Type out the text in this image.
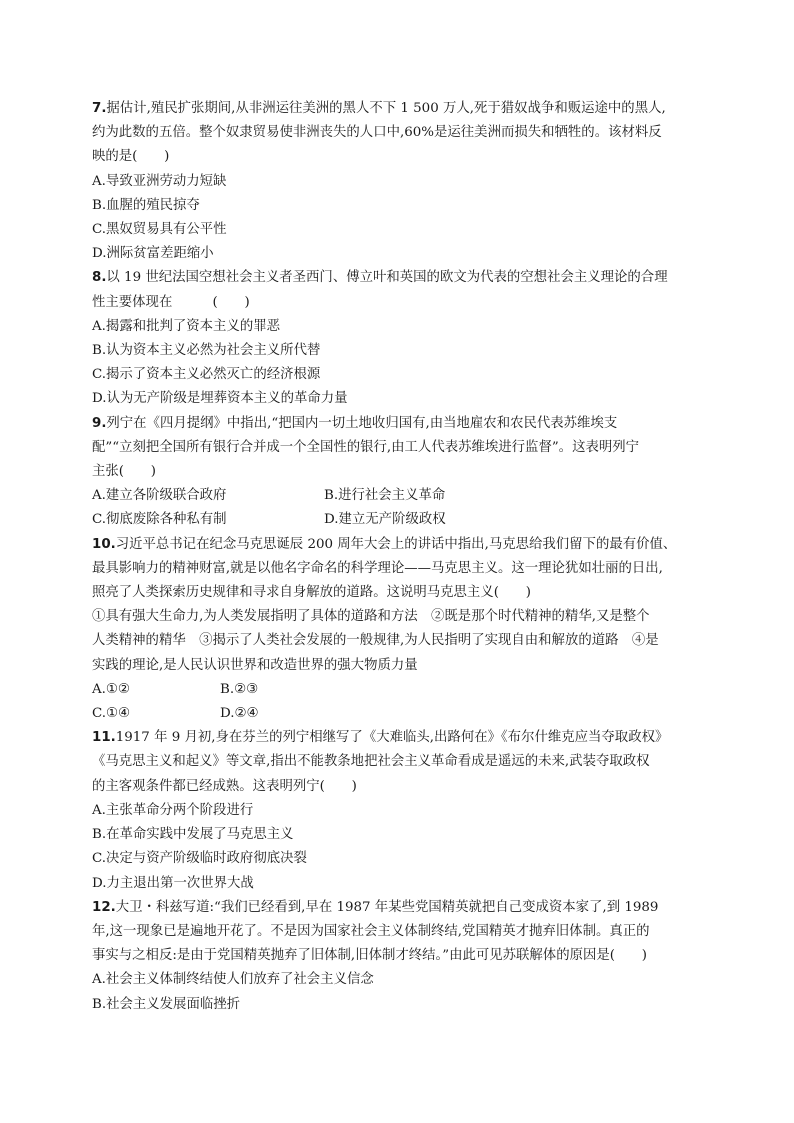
7.据估计,殖民扩张期间,从非洲运往美洲的黑人不下 1 500 万人,死于猎奴战争和贩运途中的黑人,
约为此数的五倍。整个奴隶贸易使非洲丧失的人口中,60%是运往美洲而损失和牺牲的。该材料反
映的是(　　)
A.导致亚洲劳动力短缺
B.血腥的殖民掠夺
C.黑奴贸易具有公平性
D.洲际贫富差距缩小
8.以 19 世纪法国空想社会主义者圣西门、傅立叶和英国的欧文为代表的空想社会主义理论的合理
性主要体现在　　　(　　)
A.揭露和批判了资本主义的罪恶
B.认为资本主义必然为社会主义所代替
C.揭示了资本主义必然灭亡的经济根源
D.认为无产阶级是埋葬资本主义的革命力量
9.列宁在《四月提纲》中指出,“把国内一切土地收归国有,由当地雇农和农民代表苏维埃支
配”“立刻把全国所有银行合并成一个全国性的银行,由工人代表苏维埃进行监督”。这表明列宁
主张(　　)
A.建立各阶级联合政府	B.进行社会主义革命
C.彻底废除各种私有制	D.建立无产阶级政权
10.习近平总书记在纪念马克思诞辰 200 周年大会上的讲话中指出,马克思给我们留下的最有价值、
最具影响力的精神财富,就是以他名字命名的科学理论——马克思主义。这一理论犹如壮丽的日出,
照亮了人类探索历史规律和寻求自身解放的道路。这说明马克思主义(　　)
①具有强大生命力,为人类发展指明了具体的道路和方法　②既是那个时代精神的精华,又是整个
人类精神的精华　③揭示了人类社会发展的一般规律,为人民指明了实现自由和解放的道路　④是
实践的理论,是人民认识世界和改造世界的强大物质力量
A.①②	B.②③
C.①④	D.②④
11.1917 年 9 月初,身在芬兰的列宁相继写了《大难临头,出路何在》《布尔什维克应当夺取政权》
《马克思主义和起义》等文章,指出不能教条地把社会主义革命看成是遥远的未来,武装夺取政权
的主客观条件都已经成熟。这表明列宁(　　)
A.主张革命分两个阶段进行
B.在革命实践中发展了马克思主义
C.决定与资产阶级临时政府彻底决裂
D.力主退出第一次世界大战
12.大卫・科兹写道:“我们已经看到,早在 1987 年某些党国精英就把自己变成资本家了,到 1989
年,这一现象已是遍地开花了。不是因为国家社会主义体制终结,党国精英才抛弃旧体制。真正的
事实与之相反:是由于党国精英抛弃了旧体制,旧体制才终结。”由此可见苏联解体的原因是(　　)
A.社会主义体制终结使人们放弃了社会主义信念
B.社会主义发展面临挫折
